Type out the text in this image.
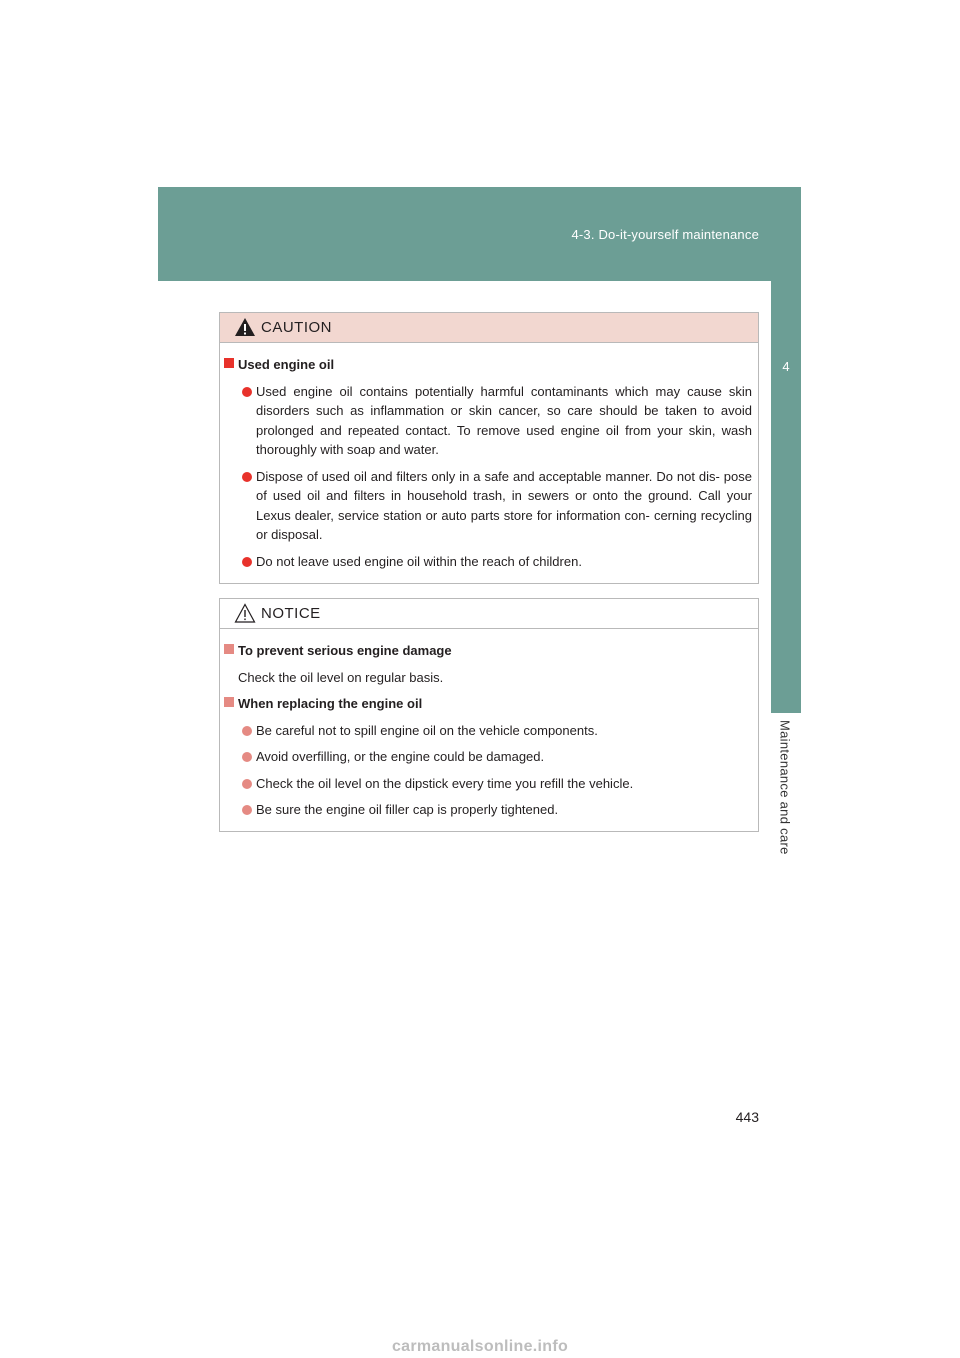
4-3. Do-it-yourself maintenance
4
Maintenance and care
CAUTION
Used engine oil
Used engine oil contains potentially harmful contaminants which may cause skin disorders such as inflammation or skin cancer, so care should be taken to avoid prolonged and repeated contact. To remove used engine oil from your skin, wash thoroughly with soap and water.
Dispose of used oil and filters only in a safe and acceptable manner. Do not dis- pose of used oil and filters in household trash, in sewers or onto the ground. Call your Lexus dealer, service station or auto parts store for information con- cerning recycling or disposal.
Do not leave used engine oil within the reach of children.
NOTICE
To prevent serious engine damage
Check the oil level on regular basis.
When replacing the engine oil
Be careful not to spill engine oil on the vehicle components.
Avoid overfilling, or the engine could be damaged.
Check the oil level on the dipstick every time you refill the vehicle.
Be sure the engine oil filler cap is properly tightened.
443
carmanualsonline.info
